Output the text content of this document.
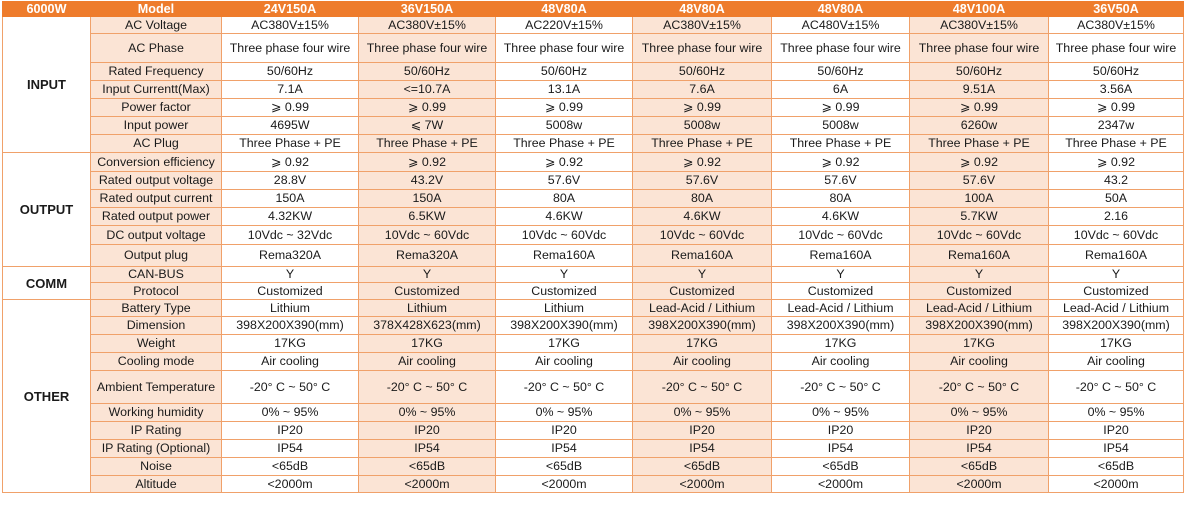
6000W	Model	24V150A	36V150A	48V80A	48V80A	48V80A	48V100A	36V50A
INPUT	AC Voltage	AC380V±15%	AC380V±15%	AC220V±15%	AC380V±15%	AC480V±15%	AC380V±15%	AC380V±15%
	AC Phase	Three phase four wire	Three phase four wire	Three phase four wire	Three phase four wire	Three phase four wire	Three phase four wire	Three phase four wire
	Rated Frequency	50/60Hz	50/60Hz	50/60Hz	50/60Hz	50/60Hz	50/60Hz	50/60Hz
	Input Currentt(Max)	7.1A	<=10.7A	13.1A	7.6A	6A	9.51A	3.56A
	Power factor	⩾ 0.99	⩾ 0.99	⩾ 0.99	⩾ 0.99	⩾ 0.99	⩾ 0.99	⩾ 0.99
	Input power	4695W	⩽ 7W	5008w	5008w	5008w	6260w	2347w
	AC Plug	Three Phase + PE	Three Phase + PE	Three Phase + PE	Three Phase + PE	Three Phase + PE	Three Phase + PE	Three Phase + PE
OUTPUT	Conversion efficiency	⩾ 0.92	⩾ 0.92	⩾ 0.92	⩾ 0.92	⩾ 0.92	⩾ 0.92	⩾ 0.92
	Rated output voltage	28.8V	43.2V	57.6V	57.6V	57.6V	57.6V	43.2
	Rated output current	150A	150A	80A	80A	80A	100A	50A
	Rated output power	4.32KW	6.5KW	4.6KW	4.6KW	4.6KW	5.7KW	2.16
	DC output voltage	10Vdc ~ 32Vdc	10Vdc ~ 60Vdc	10Vdc ~ 60Vdc	10Vdc ~ 60Vdc	10Vdc ~ 60Vdc	10Vdc ~ 60Vdc	10Vdc ~ 60Vdc
	Output plug	Rema320A	Rema320A	Rema160A	Rema160A	Rema160A	Rema160A	Rema160A
COMM	CAN-BUS	Y	Y	Y	Y	Y	Y	Y
	Protocol	Customized	Customized	Customized	Customized	Customized	Customized	Customized
OTHER	Battery Type	Lithium	Lithium	Lithium	Lead-Acid / Lithium	Lead-Acid / Lithium	Lead-Acid / Lithium	Lead-Acid / Lithium
	Dimension	398X200X390(mm)	378X428X623(mm)	398X200X390(mm)	398X200X390(mm)	398X200X390(mm)	398X200X390(mm)	398X200X390(mm)
	Weight	17KG	17KG	17KG	17KG	17KG	17KG	17KG
	Cooling mode	Air cooling	Air cooling	Air cooling	Air cooling	Air cooling	Air cooling	Air cooling
	Ambient Temperature	-20° C ~ 50° C	-20° C ~ 50° C	-20° C ~ 50° C	-20° C ~ 50° C	-20° C ~ 50° C	-20° C ~ 50° C	-20° C ~ 50° C
	Working humidity	0% ~ 95%	0% ~ 95%	0% ~ 95%	0% ~ 95%	0% ~ 95%	0% ~ 95%	0% ~ 95%
	IP Rating	IP20	IP20	IP20	IP20	IP20	IP20	IP20
	IP Rating (Optional)	IP54	IP54	IP54	IP54	IP54	IP54	IP54
	Noise	<65dB	<65dB	<65dB	<65dB	<65dB	<65dB	<65dB
	Altitude	<2000m	<2000m	<2000m	<2000m	<2000m	<2000m	<2000m
